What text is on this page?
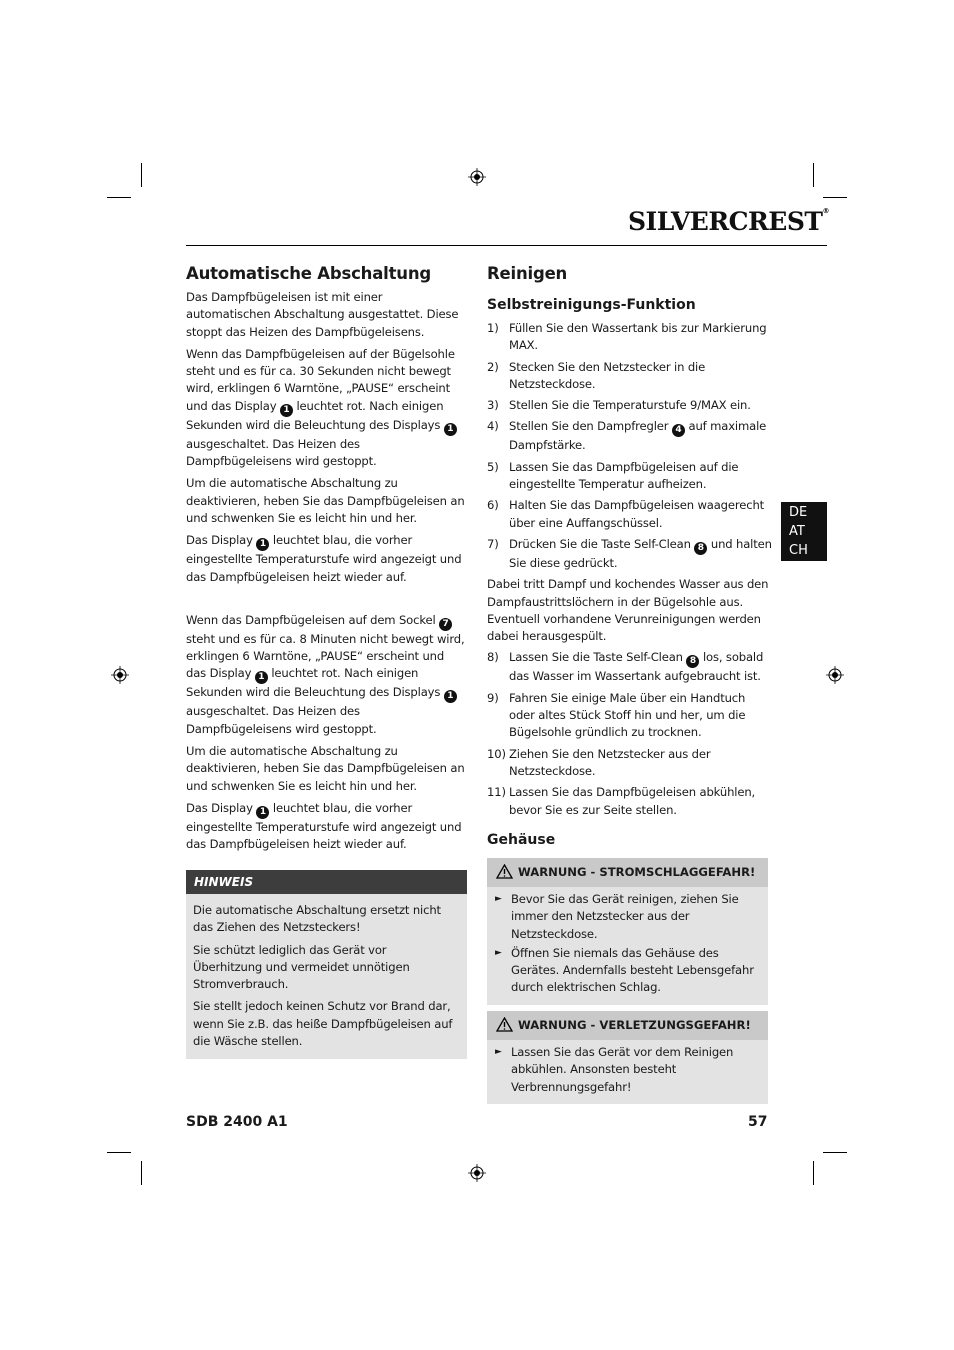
SILVERCREST®
DE
AT
CH
Automatische Abschaltung

Das Dampfbügeleisen ist mit einer automatischen Abschaltung ausgestattet. Diese stoppt das Heizen des Dampfbügeleisens.

Wenn das Dampfbügeleisen auf der Bügelsohle steht und es für ca. 30 Sekunden nicht bewegt wird, erklingen 6 Warntöne, „PAUSE“ erscheint und das Display 1 leuchtet rot. Nach einigen Sekunden wird die Beleuchtung des Displays 1 ausgeschaltet. Das Heizen des Dampfbügeleisens wird gestoppt.

Um die automatische Abschaltung zu deaktivieren, heben Sie das Dampfbügeleisen an und schwenken Sie es leicht hin und her.

Das Display 1 leuchtet blau, die vorher eingestellte Temperaturstufe wird angezeigt und das Dampfbügeleisen heizt wieder auf.

Wenn das Dampfbügeleisen auf dem Sockel 7 steht und es für ca. 8 Minuten nicht bewegt wird, erklingen 6 Warntöne, „PAUSE“ erscheint und das Display 1 leuchtet rot. Nach einigen Sekunden wird die Beleuchtung des Displays 1 ausgeschaltet. Das Heizen des Dampfbügeleisens wird gestoppt.

Um die automatische Abschaltung zu deaktivieren, heben Sie das Dampfbügeleisen an und schwenken Sie es leicht hin und her.

Das Display 1 leuchtet blau, die vorher eingestellte Temperaturstufe wird angezeigt und das Dampfbügeleisen heizt wieder auf.

HINWEIS

Die automatische Abschaltung ersetzt nicht das Ziehen des Netzsteckers!

Sie schützt lediglich das Gerät vor Überhitzung und vermeidet unnötigen Stromverbrauch.

Sie stellt jedoch keinen Schutz vor Brand dar, wenn Sie z.B. das heiße Dampfbügeleisen auf die Wäsche stellen.

Reinigen
Selbstreinigungs-Funktion
1) Füllen Sie den Wassertank bis zur Markierung MAX.
2) Stecken Sie den Netzstecker in die Netzsteckdose.
3) Stellen Sie die Temperaturstufe 9/MAX ein.
4) Stellen Sie den Dampfregler 4 auf maximale Dampfstärke.
5) Lassen Sie das Dampfbügeleisen auf die eingestellte Temperatur aufheizen.
6) Halten Sie das Dampfbügeleisen waagerecht über eine Auffangschüssel.
7) Drücken Sie die Taste Self-Clean 8 und halten Sie diese gedrückt.

Dabei tritt Dampf und kochendes Wasser aus den Dampfaustrittslöchern in der Bügelsohle aus. Eventuell vorhandene Verunreinigungen werden dabei herausgespült.

8) Lassen Sie die Taste Self-Clean 8 los, sobald das Wasser im Wassertank aufgebraucht ist.
9) Fahren Sie einige Male über ein Handtuch oder altes Stück Stoff hin und her, um die Bügelsohle gründlich zu trocknen.
10) Ziehen Sie den Netzstecker aus der Netzsteckdose.
11) Lassen Sie das Dampfbügeleisen abkühlen, bevor Sie es zur Seite stellen.
Gehäuse
WARNUNG - STROMSCHLAGGEFAHR!
► Bevor Sie das Gerät reinigen, ziehen Sie immer den Netzstecker aus der Netzsteckdose.
► Öffnen Sie niemals das Gehäuse des Gerätes. Andernfalls besteht Lebensgefahr durch elektrischen Schlag.
WARNUNG - VERLETZUNGSGEFAHR!
► Lassen Sie das Gerät vor dem Reinigen abkühlen. Ansonsten besteht Verbrennungsgefahr!
SDB 2400 A1	57
